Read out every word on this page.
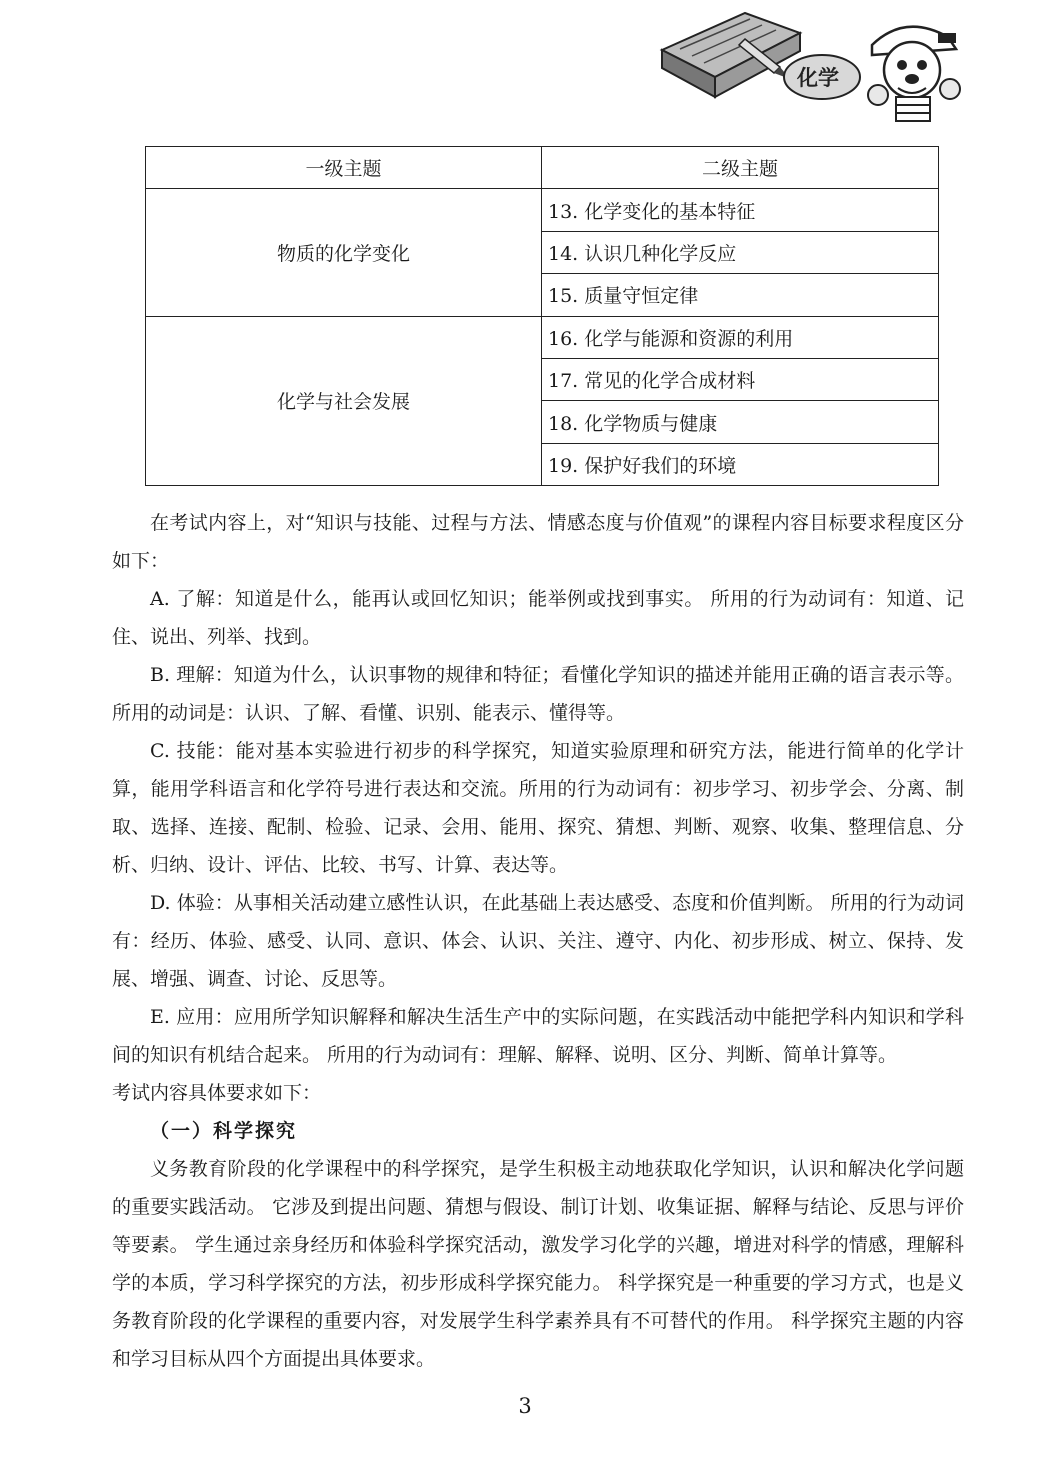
化学
一级主题	二级主题
物质的化学变化	13. 化学变化的基本特征
	14. 认识几种化学反应
	15. 质量守恒定律
化学与社会发展	16. 化学与能源和资源的利用
	17. 常见的化学合成材料
	18. 化学物质与健康
	19. 保护好我们的环境

在考试内容上，对“知识与技能、过程与方法、情感态度与价值观”的课程内容目标要求程度区分如下：

A. 了解：知道是什么，能再认或回忆知识；能举例或找到事实。 所用的行为动词有：知道、记住、说出、列举、找到。

B. 理解：知道为什么，认识事物的规律和特征；看懂化学知识的描述并能用正确的语言表示等。 所用的动词是：认识、了解、看懂、识别、能表示、懂得等。

C. 技能：能对基本实验进行初步的科学探究，知道实验原理和研究方法，能进行简单的化学计算，能用学科语言和化学符号进行表达和交流。所用的行为动词有：初步学习、初步学会、分离、制取、选择、连接、配制、检验、记录、会用、能用、探究、猜想、判断、观察、收集、整理信息、分析、归纳、设计、评估、比较、书写、计算、表达等。

D. 体验：从事相关活动建立感性认识，在此基础上表达感受、态度和价值判断。 所用的行为动词有：经历、体验、感受、认同、意识、体会、认识、关注、遵守、内化、初步形成、树立、保持、发展、增强、调查、讨论、反思等。

E. 应用：应用所学知识解释和解决生活生产中的实际问题，在实践活动中能把学科内知识和学科间的知识有机结合起来。 所用的行为动词有：理解、解释、说明、区分、判断、简单计算等。

考试内容具体要求如下：

（一）科学探究

义务教育阶段的化学课程中的科学探究，是学生积极主动地获取化学知识，认识和解决化学问题的重要实践活动。 它涉及到提出问题、猜想与假设、制订计划、收集证据、解释与结论、反思与评价等要素。 学生通过亲身经历和体验科学探究活动，激发学习化学的兴趣，增进对科学的情感，理解科学的本质，学习科学探究的方法，初步形成科学探究能力。 科学探究是一种重要的学习方式，也是义务教育阶段的化学课程的重要内容，对发展学生科学素养具有不可替代的作用。 科学探究主题的内容和学习目标从四个方面提出具体要求。

3
